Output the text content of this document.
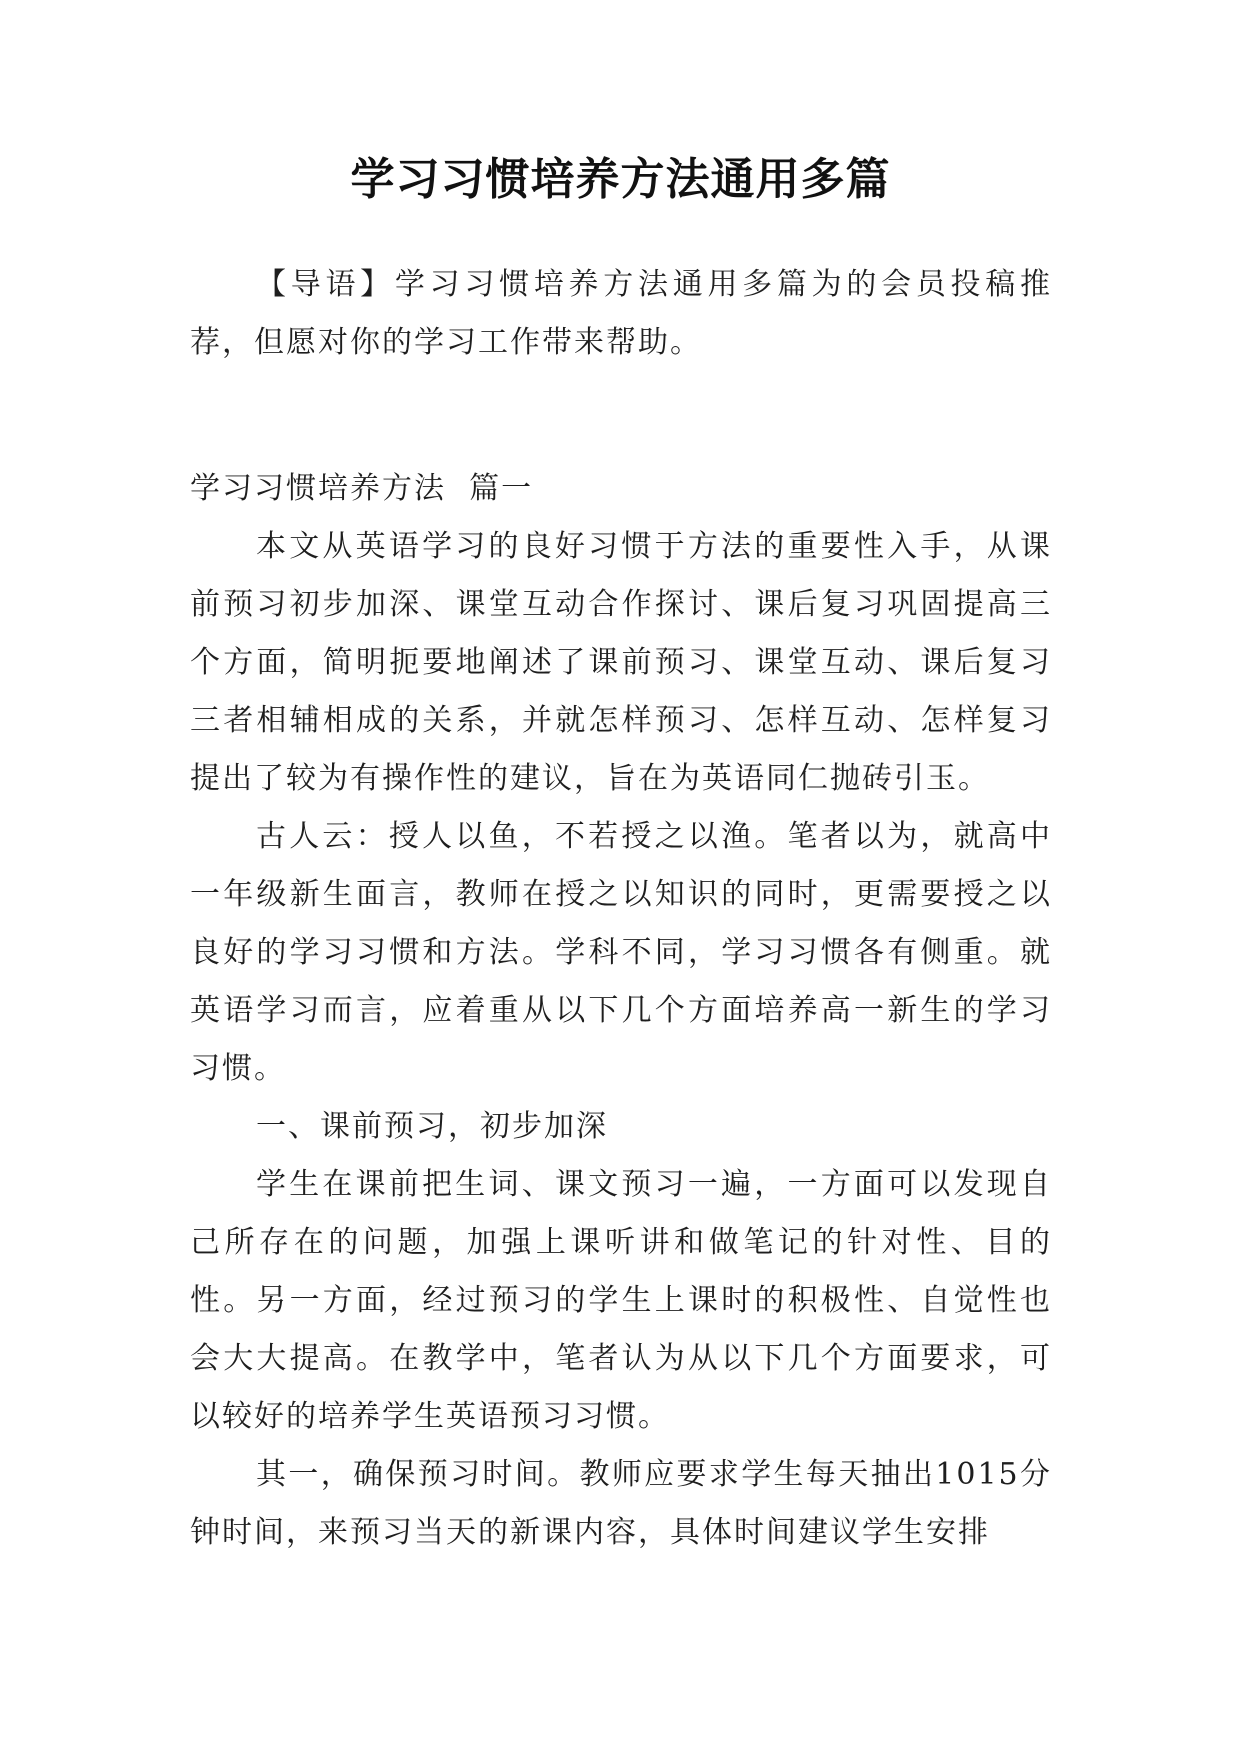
学习习惯培养方法通用多篇

【导语】学习习惯培养方法通用多篇为的会员投稿推荐，但愿对你的学习工作带来帮助。

学习习惯培养方法  篇一

本文从英语学习的良好习惯于方法的重要性入手，从课前预习初步加深、课堂互动合作探讨、课后复习巩固提高三个方面，简明扼要地阐述了课前预习、课堂互动、课后复习三者相辅相成的关系，并就怎样预习、怎样互动、怎样复习提出了较为有操作性的建议，旨在为英语同仁抛砖引玉。

古人云：授人以鱼，不若授之以渔。笔者以为，就高中一年级新生面言，教师在授之以知识的同时，更需要授之以良好的学习习惯和方法。学科不同，学习习惯各有侧重。就英语学习而言，应着重从以下几个方面培养高一新生的学习习惯。

一、课前预习，初步加深

学生在课前把生词、课文预习一遍，一方面可以发现自己所存在的问题，加强上课听讲和做笔记的针对性、目的性。另一方面，经过预习的学生上课时的积极性、自觉性也会大大提高。在教学中，笔者认为从以下几个方面要求，可以较好的培养学生英语预习习惯。

其一，确保预习时间。教师应要求学生每天抽出1015分钟时间，来预习当天的新课内容，具体时间建议学生安排
